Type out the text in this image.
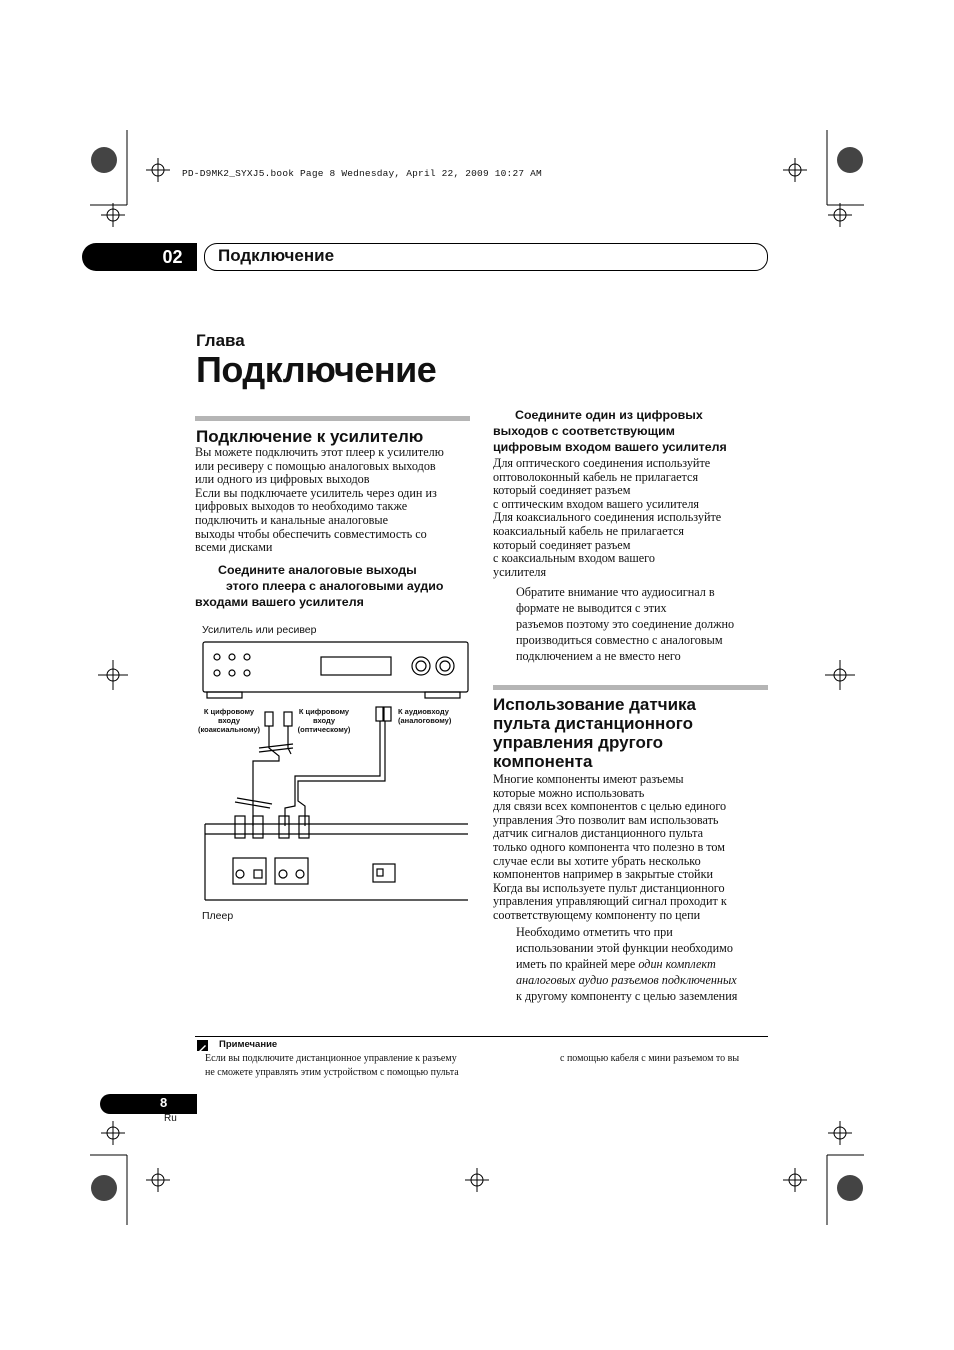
PD-D9MK2_SYXJ5.book Page 8 Wednesday, April 22, 2009 10:27 AM
02	Подключение
Глава
Подключение
Подключение к усилителю
Вы можете подключить этот плеер к усилителю
или ресиверу с помощью аналоговых выходов
или одного из цифровых выходов
Если вы подключаете усилитель через один из
цифровых выходов то необходимо также
подключить и канальные аналоговые
выходы чтобы обеспечить совместимость со
всеми дисками
Соедините аналоговые выходы
этого плеера с аналоговыми аудио
входами вашего усилителя
Усилитель или ресивер
К цифровому
входу
(коаксиальному)
К цифровому
входу
(оптическому)
К аудиовходу
(аналоговому)
Плеер
Соедините один из цифровых
выходов с соответствующим
цифровым входом вашего усилителя
Для оптического соединения используйте
оптоволоконный кабель не прилагается
который соединяет разъем
с оптическим входом вашего усилителя
Для коаксиального соединения используйте
коаксиальный кабель не прилагается
который соединяет разъем
с коаксиальным входом вашего
усилителя
Обратите внимание что аудиосигнал в
формате не выводится с этих
разъемов поэтому это соединение должно
производиться совместно с аналоговым
подключением а не вместо него
Использование датчика
пульта дистанционного
управления другого
компонента
Многие компоненты имеют разъемы
которые можно использовать
для связи всех компонентов с целью единого
управления Это позволит вам использовать
датчик сигналов дистанционного пульта
только одного компонента что полезно в том
случае если вы хотите убрать несколько
компонентов например в закрытые стойки
Когда вы используете пульт дистанционного
управления управляющий сигнал проходит к
соответствующему компоненту по цепи
Необходимо отметить что при
использовании этой функции необходимо
иметь по крайней мере один комплект
аналоговых аудио разъемов подключенных
к другому компоненту с целью заземления
Примечание
Если вы подключите дистанционное управление к разъему	с помощью кабеля с мини разъемом то вы
не сможете управлять этим устройством с помощью пульта
8
Ru
